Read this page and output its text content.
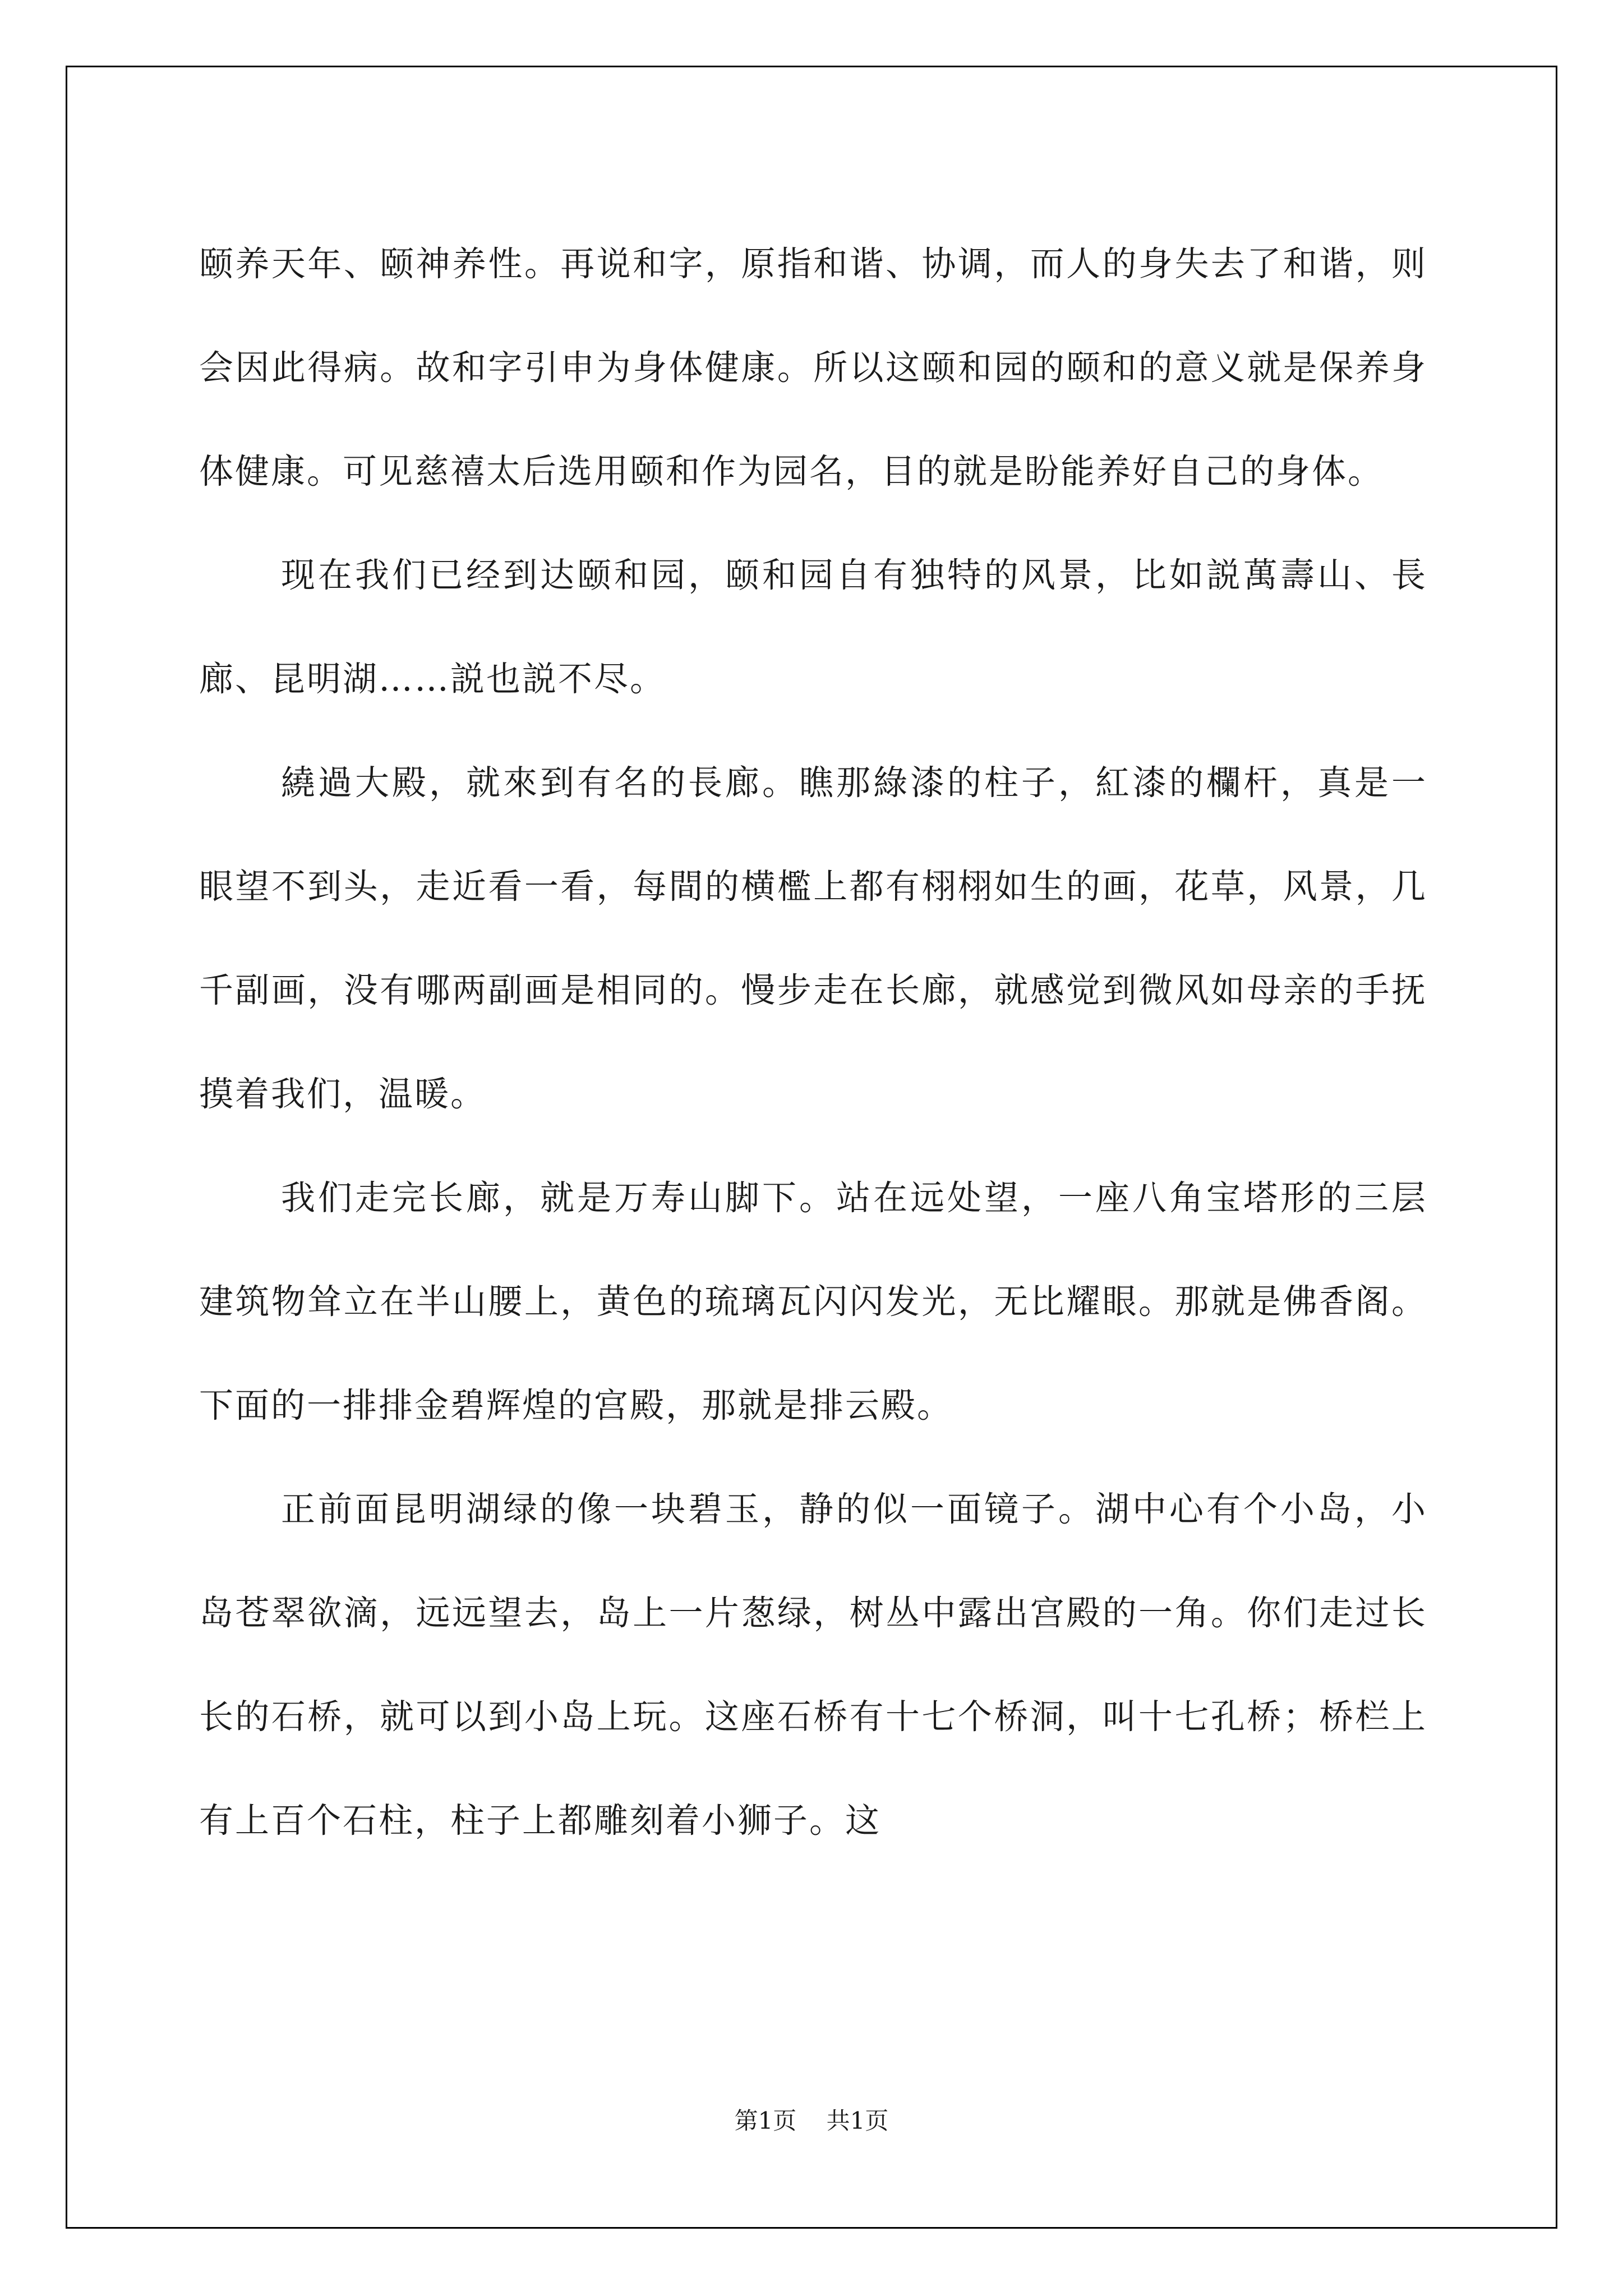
颐养天年、颐神养性。再说和字，原指和谐、协调，而人的身失去了和谐，则会因此得病。故和字引申为身体健康。所以这颐和园的颐和的意义就是保养身体健康。可见慈禧太后选用颐和作为园名，目的就是盼能养好自己的身体。

现在我们已经到达颐和园，颐和园自有独特的风景，比如説萬壽山、長廊、昆明湖……説也説不尽。

繞過大殿，就來到有名的長廊。瞧那綠漆的柱子，紅漆的欄杆，真是一眼望不到头，走近看一看，每間的横檻上都有栩栩如生的画，花草，风景，几千副画，没有哪两副画是相同的。慢步走在长廊，就感觉到微风如母亲的手抚摸着我们，温暖。

我们走完长廊，就是万寿山脚下。站在远处望，一座八角宝塔形的三层建筑物耸立在半山腰上，黄色的琉璃瓦闪闪发光，无比耀眼。那就是佛香阁。下面的一排排金碧辉煌的宫殿，那就是排云殿。

正前面昆明湖绿的像一块碧玉，静的似一面镜子。湖中心有个小岛，小岛苍翠欲滴，远远望去，岛上一片葱绿，树丛中露出宫殿的一角。你们走过长长的石桥，就可以到小岛上玩。这座石桥有十七个桥洞，叫十七孔桥；桥栏上有上百个石柱，柱子上都雕刻着小狮子。这

第1页    共1页
